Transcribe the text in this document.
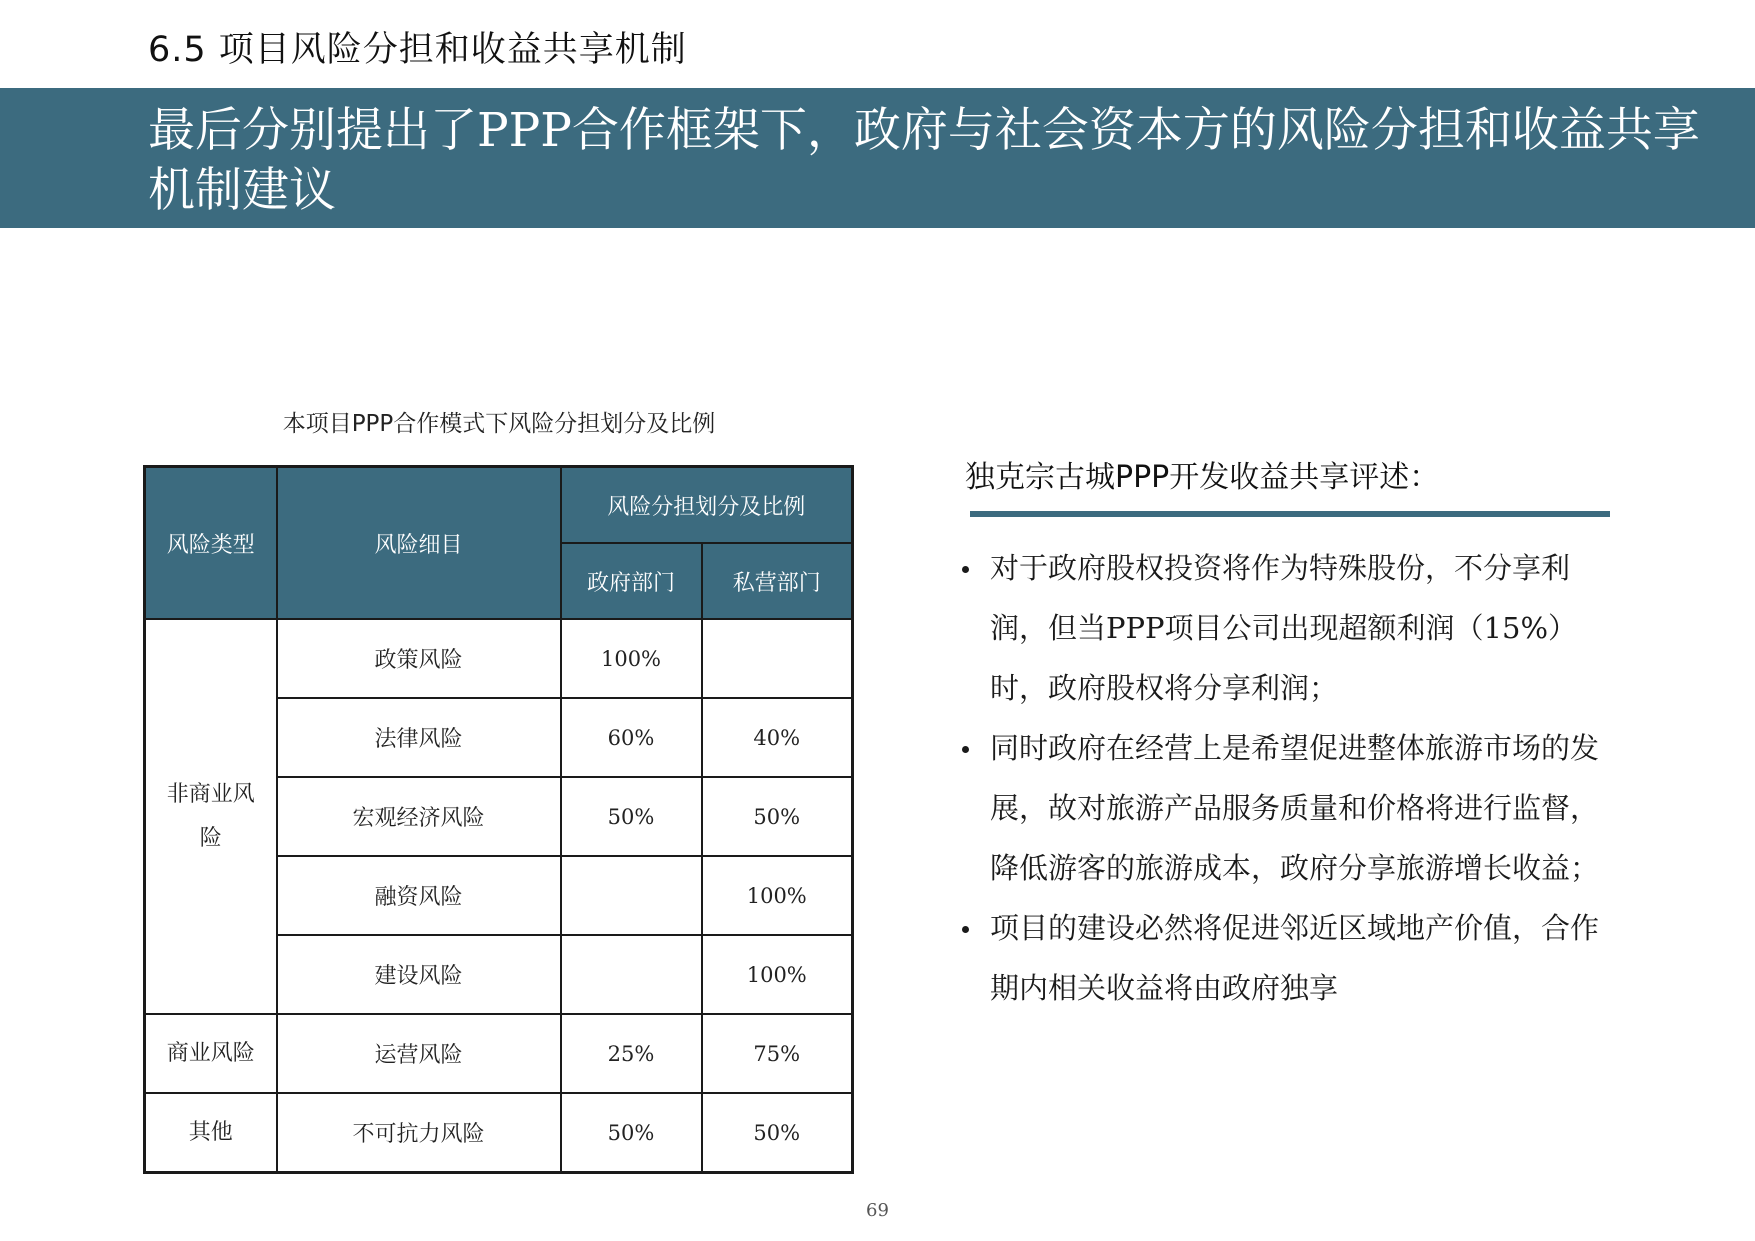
6.5 项目风险分担和收益共享机制
最后分别提出了PPP合作框架下，政府与社会资本方的风险分担和收益共享机制建议
本项目PPP合作模式下风险分担划分及比例
风险类型	风险细目	风险分担划分及比例	
		政府部门	私营部门
非商业风险	政策风险	100%	
	法律风险	60%	40%
	宏观经济风险	50%	50%
	融资风险		100%
	建设风险		100%
商业风险	运营风险	25%	75%
其他	不可抗力风险	50%	50%
独克宗古城PPP开发收益共享评述：
对于政府股权投资将作为特殊股份，不分享利润，但当PPP项目公司出现超额利润（15%）时，政府股权将分享利润；
同时政府在经营上是希望促进整体旅游市场的发展，故对旅游产品服务质量和价格将进行监督，降低游客的旅游成本，政府分享旅游增长收益；
项目的建设必然将促进邻近区域地产价值，合作期内相关收益将由政府独享
69
